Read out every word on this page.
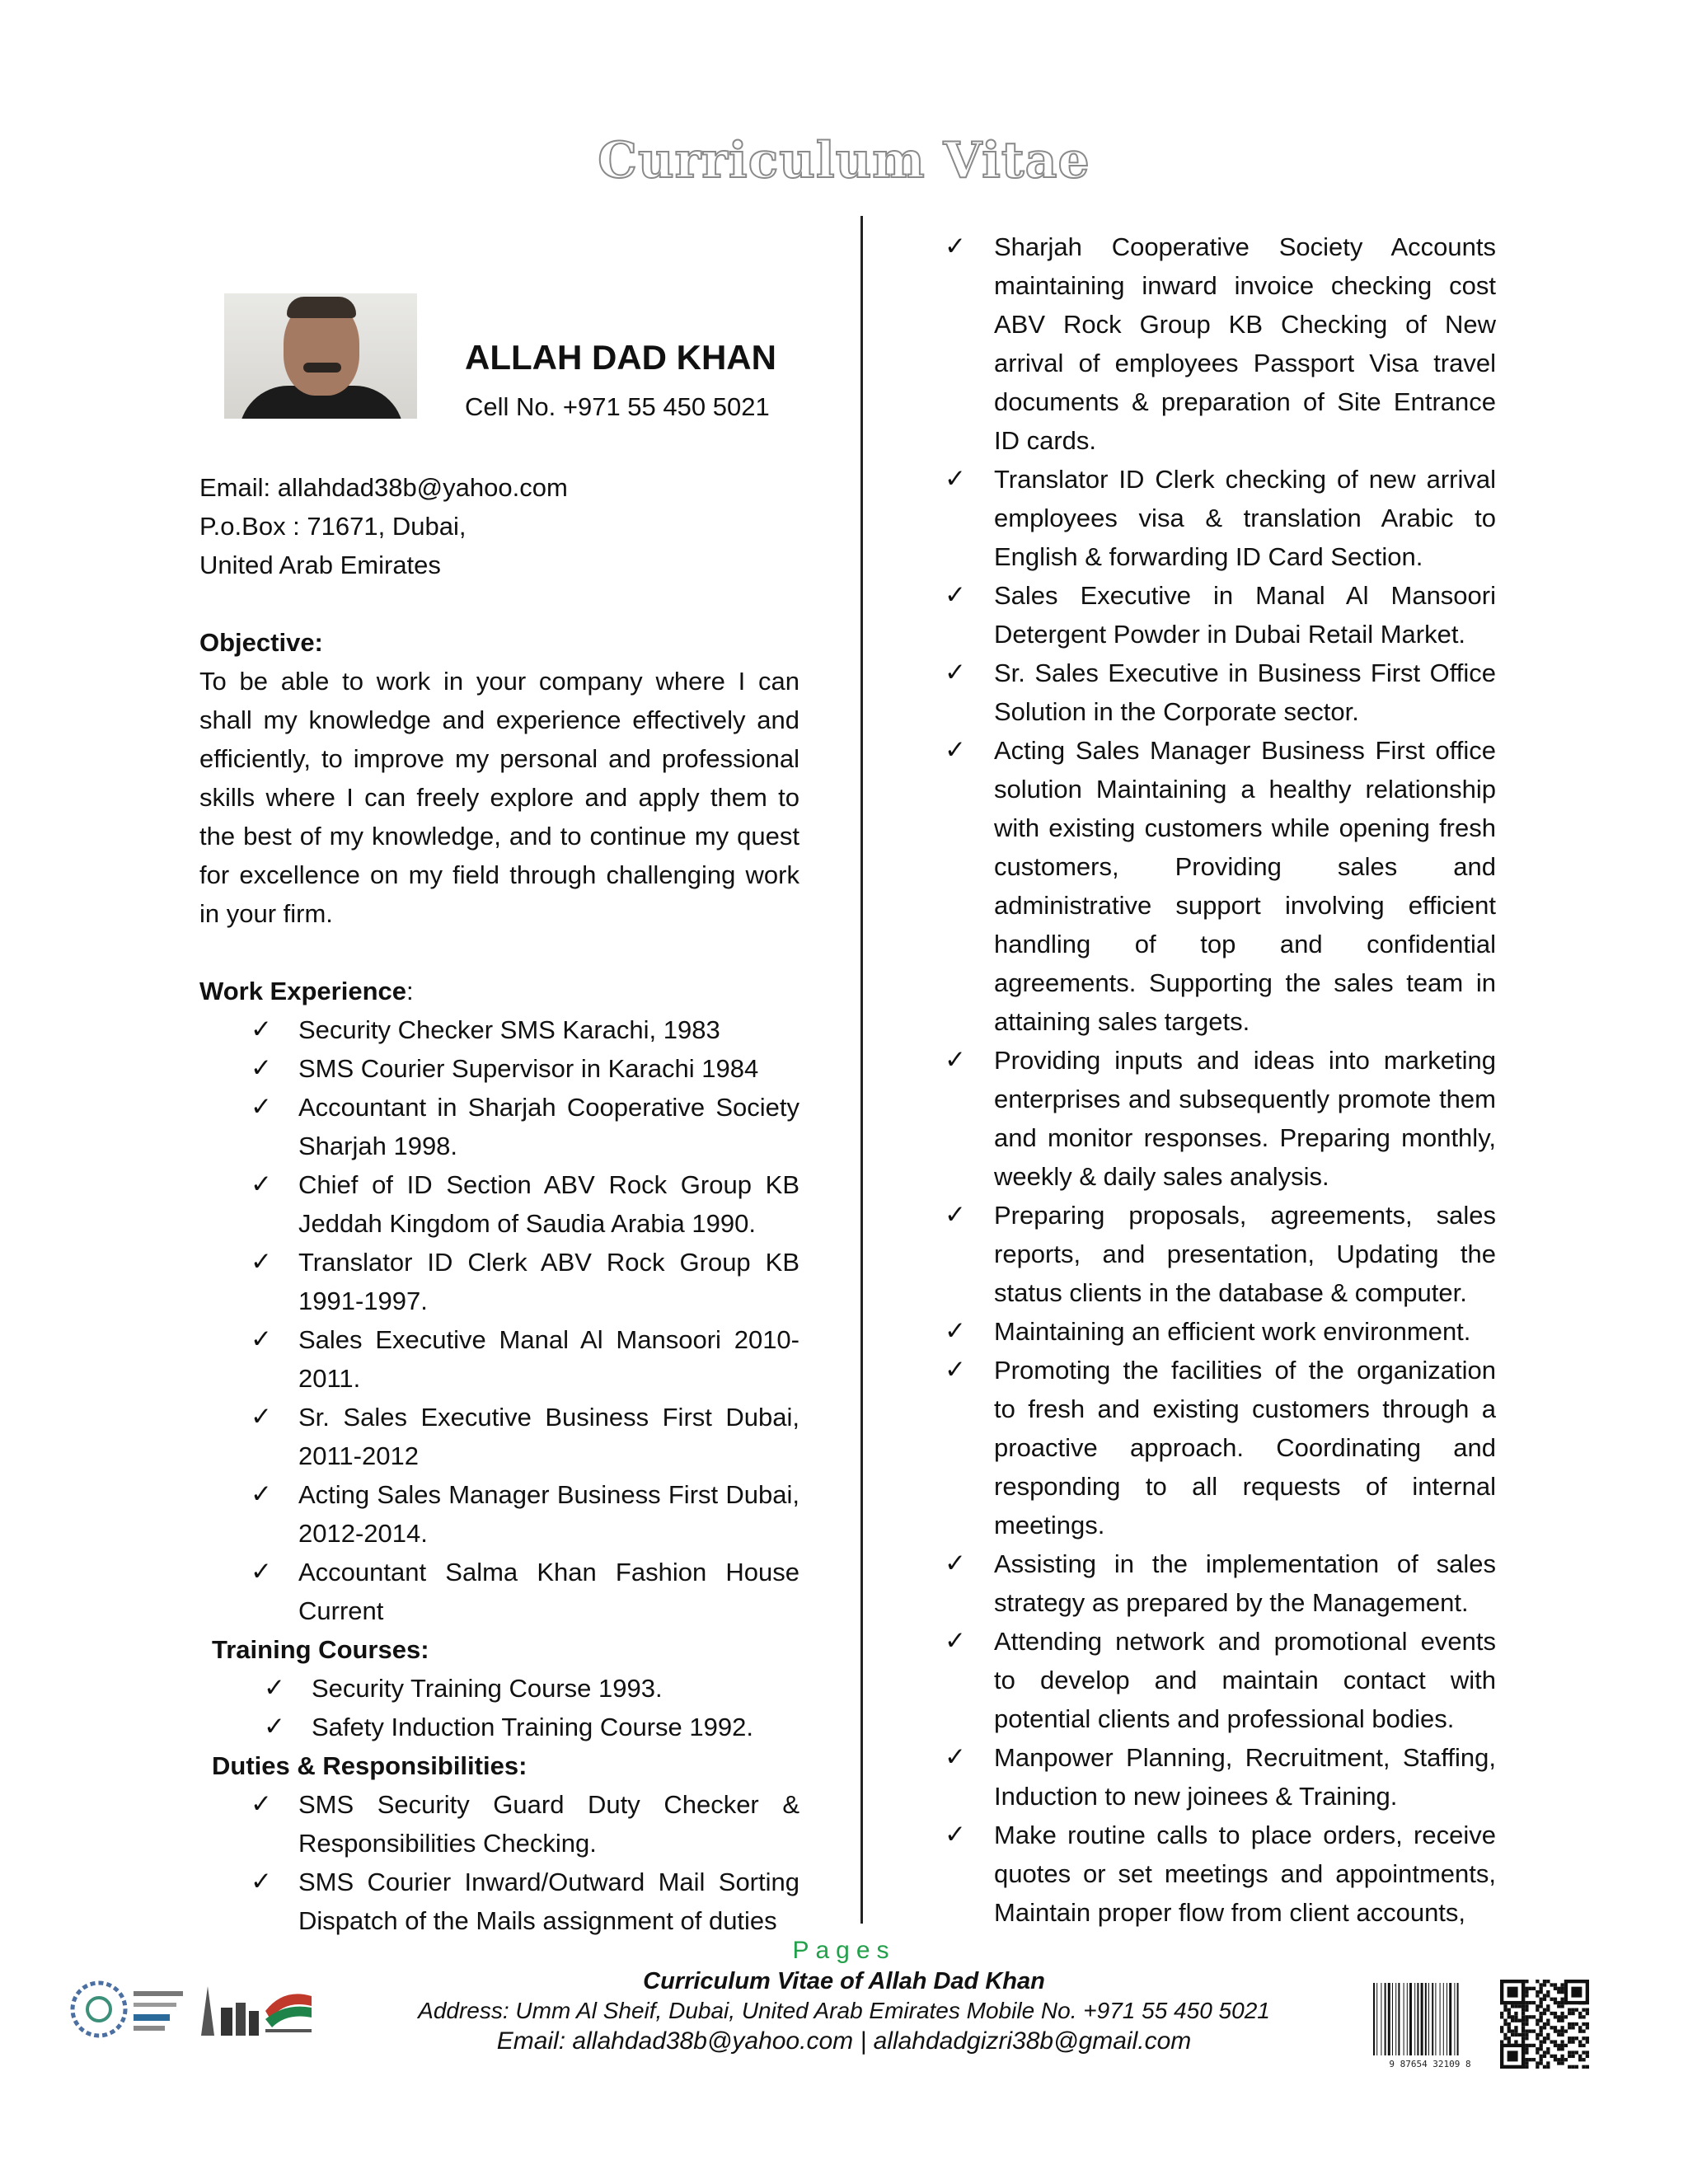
Curriculum Vitae
ALLAH DAD KHAN
Cell No. +971 55 450 5021
Email: allahdad38b@yahoo.com
P.o.Box : 71671, Dubai,
United Arab Emirates
Objective:
To be able to work in your company where I can shall my knowledge and experience effectively and efficiently, to improve my personal and professional skills where I can freely explore and apply them to the best of my knowledge, and to continue my quest for excellence on my field through challenging work in your firm.
Work Experience:
✓ Security Checker SMS Karachi, 1983
✓ SMS Courier Supervisor in Karachi 1984
✓ Accountant in Sharjah Cooperative Society Sharjah 1998.
✓ Chief of ID Section ABV Rock Group KB Jeddah Kingdom of Saudia Arabia 1990.
✓ Translator ID Clerk ABV Rock Group KB 1991-1997.
✓ Sales Executive Manal Al Mansoori 2010-2011.
✓ Sr. Sales Executive Business First Dubai, 2011-2012
✓ Acting Sales Manager Business First Dubai, 2012-2014.
✓ Accountant Salma Khan Fashion House Current
Training Courses:
✓ Security Training Course 1993.
✓ Safety Induction Training Course 1992.
Duties & Responsibilities:
✓ SMS Security Guard Duty Checker & Responsibilities Checking.
✓ SMS Courier Inward/Outward Mail Sorting Dispatch of the Mails assignment of duties
✓ Sharjah Cooperative Society Accounts maintaining inward invoice checking cost ABV Rock Group KB Checking of New arrival of employees Passport Visa travel documents & preparation of Site Entrance ID cards.
✓ Translator ID Clerk checking of new arrival employees visa & translation Arabic to English & forwarding ID Card Section.
✓ Sales Executive in Manal Al Mansoori Detergent Powder in Dubai Retail Market.
✓ Sr. Sales Executive in Business First Office Solution in the Corporate sector.
✓ Acting Sales Manager Business First office solution Maintaining a healthy relationship with existing customers while opening fresh customers, Providing sales and administrative support involving efficient handling of top and confidential agreements. Supporting the sales team in attaining sales targets.
✓ Providing inputs and ideas into marketing enterprises and subsequently promote them and monitor responses. Preparing monthly, weekly & daily sales analysis.
✓ Preparing proposals, agreements, sales reports, and presentation, Updating the status clients in the database & computer.
✓ Maintaining an efficient work environment.
✓ Promoting the facilities of the organization to fresh and existing customers through a proactive approach. Coordinating and responding to all requests of internal meetings.
✓ Assisting in the implementation of sales strategy as prepared by the Management.
✓ Attending network and promotional events to develop and maintain contact with potential clients and professional bodies.
✓ Manpower Planning, Recruitment, Staffing, Induction to new joinees & Training.
✓ Make routine calls to place orders, receive quotes or set meetings and appointments, Maintain proper flow from client accounts,
Pages
Curriculum Vitae of Allah Dad Khan
Address: Umm Al Sheif, Dubai, United Arab Emirates Mobile No. +971 55 450 5021
Email: allahdad38b@yahoo.com | allahdadgizri38b@gmail.com
9 87654 32109 8
